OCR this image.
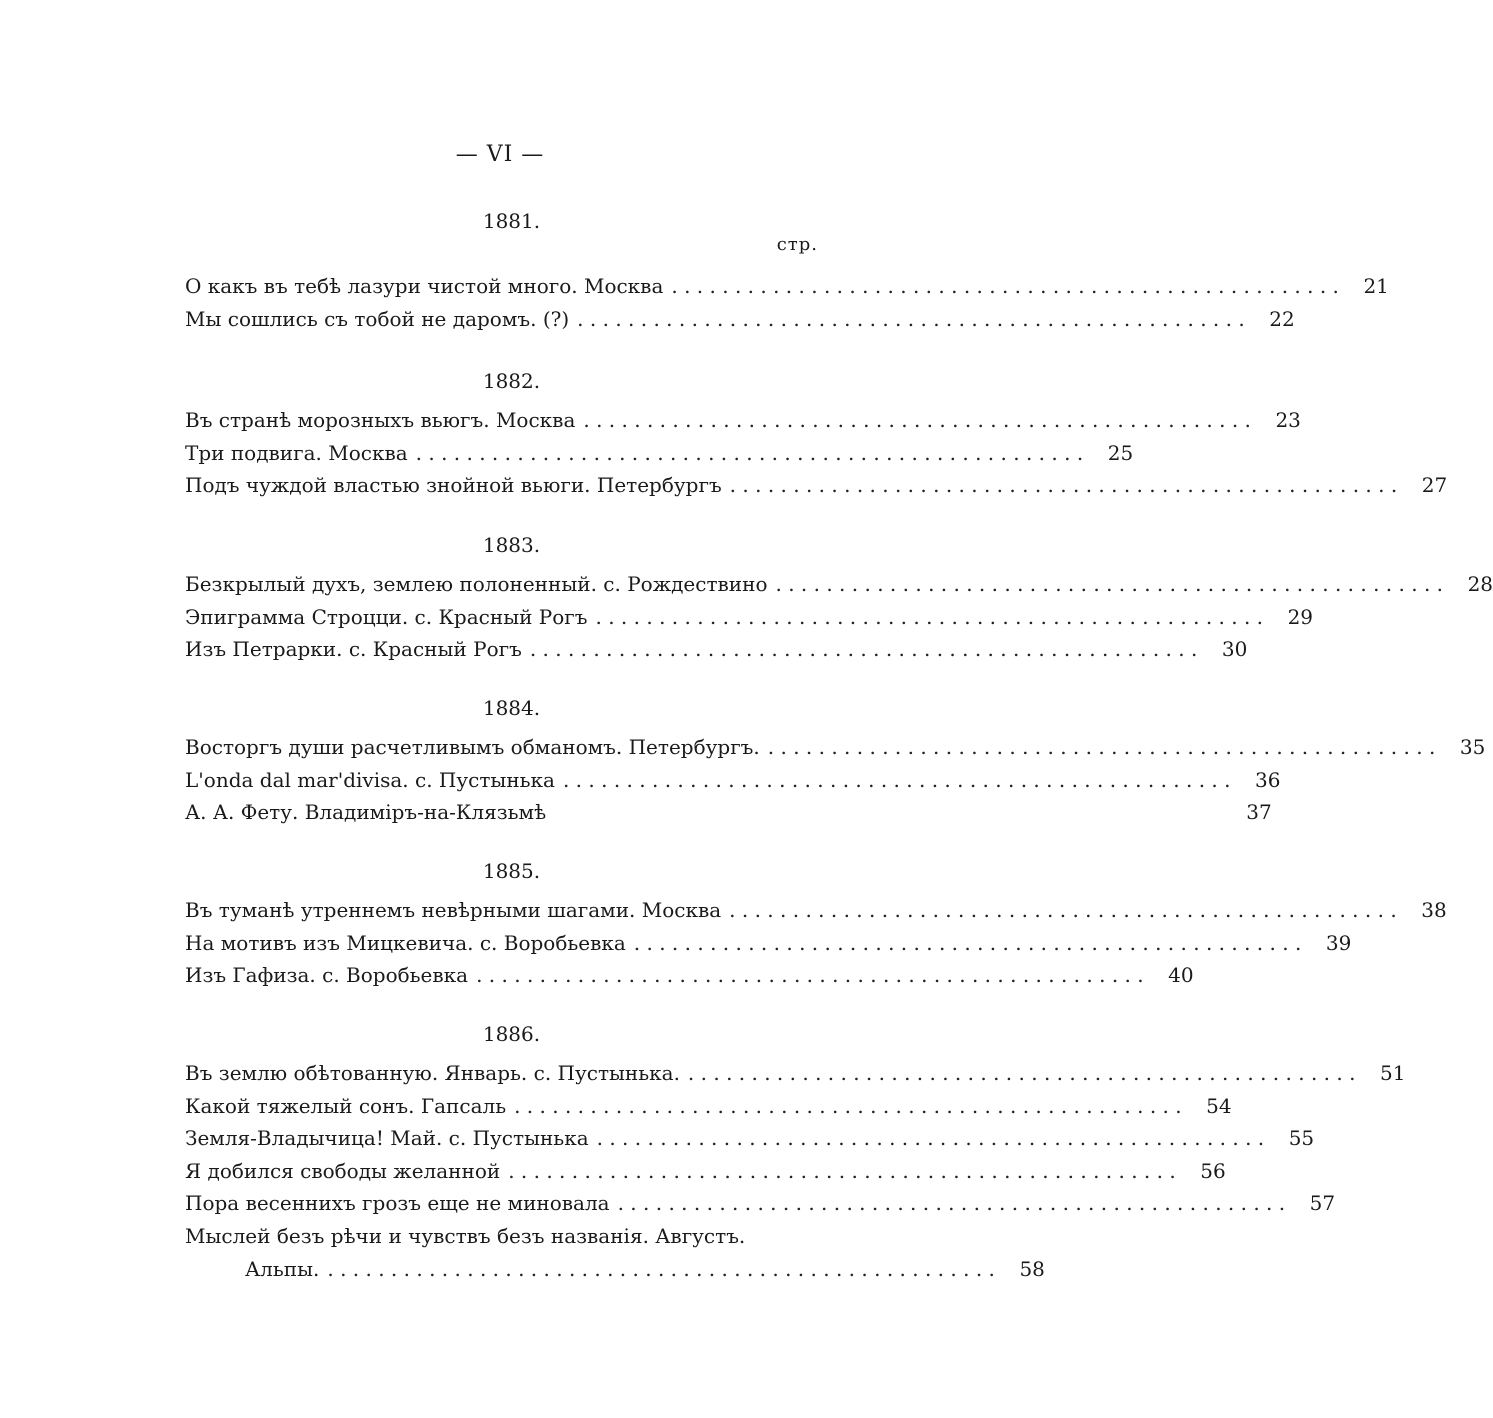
— VI —
стр.
1881.
О какъ въ тебѣ лазури чистой много. Москва . . .	21
Мы сошлись съ тобой не даромъ. (?) . . .	22
1882.
Въ странѣ морозныхъ вьюгъ. Москва . . .	23
Три подвига. Москва . . .	25
Подъ чуждой властью знойной вьюги. Петербургъ . . .	27
1883.
Безкрылый духъ, землею полоненный. с. Рождествино . . .	28
Эпиграмма Строцци. с. Красный Рогъ . . .	29
Изъ Петрарки. с. Красный Рогъ . . .	30
1884.
Восторгъ души расчетливымъ обманомъ. Петербургъ. . . .	35
L'onda dal mar'divisa. с. Пустынька . . .	36
А. А. Фету. Владиміръ-на-Клязьмѣ	37
1885.
Въ туманѣ утреннемъ невѣрными шагами. Москва . . .	38
На мотивъ изъ Мицкевича. с. Воробьевка . . .	39
Изъ Гафиза. с. Воробьевка . . .	40
1886.
Въ землю обѣтованную. Январь. с. Пустынька. . . .	51
Какой тяжелый сонъ. Гапсаль . . .	54
Земля-Владычица! Май. с. Пустынька . . .	55
Я добился свободы желанной . . .	56
Пора весеннихъ грозъ еще не миновала . . .	57
Мыслей безъ рѣчи и чувствъ безъ названія. Августъ.
Альпы. . . .	58
